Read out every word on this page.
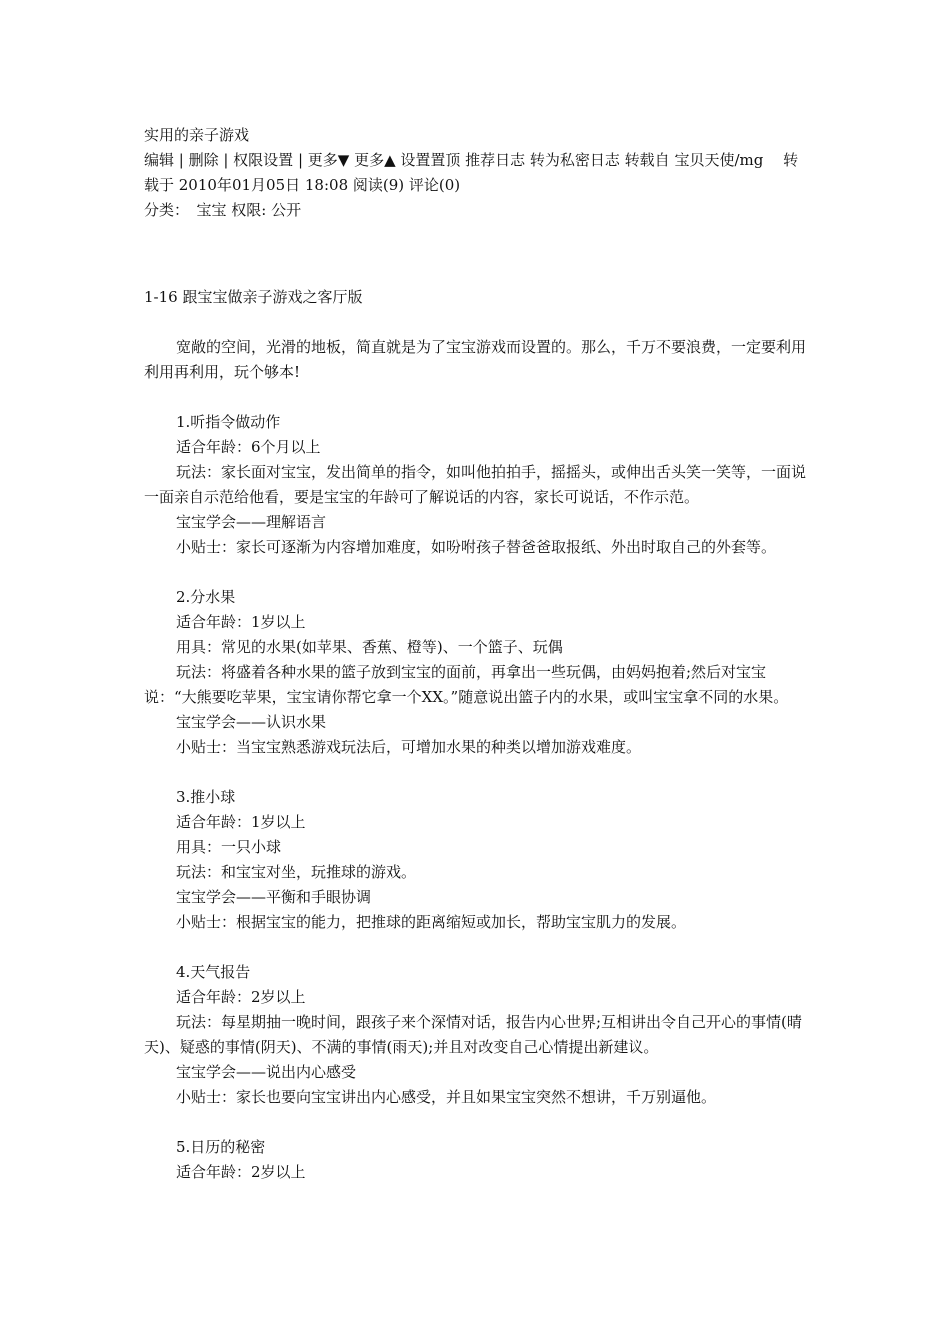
实用的亲子游戏
编辑 | 删除 | 权限设置 | 更多▼ 更多▲ 设置置顶 推荐日志 转为私密日志 转载自 宝贝天使/mg　 转载于 2010年01月05日 18:08 阅读(9) 评论(0)
分类：　宝宝 权限: 公开
1-16 跟宝宝做亲子游戏之客厅版
宽敞的空间，光滑的地板，简直就是为了宝宝游戏而设置的。那么，千万不要浪费，一定要利用利用再利用，玩个够本!
1.听指令做动作
适合年龄：6个月以上
玩法：家长面对宝宝，发出简单的指令，如叫他拍拍手，摇摇头，或伸出舌头笑一笑等，一面说一面亲自示范给他看，要是宝宝的年龄可了解说话的内容，家长可说话，不作示范。
宝宝学会——理解语言
小贴士：家长可逐渐为内容增加难度，如吩咐孩子替爸爸取报纸、外出时取自己的外套等。
2.分水果
适合年龄：1岁以上
用具：常见的水果(如苹果、香蕉、橙等)、一个篮子、玩偶
玩法：将盛着各种水果的篮子放到宝宝的面前，再拿出一些玩偶，由妈妈抱着;然后对宝宝说：“大熊要吃苹果，宝宝请你帮它拿一个XX。”随意说出篮子内的水果，或叫宝宝拿不同的水果。
宝宝学会——认识水果
小贴士：当宝宝熟悉游戏玩法后，可增加水果的种类以增加游戏难度。
3.推小球
适合年龄：1岁以上
用具：一只小球
玩法：和宝宝对坐，玩推球的游戏。
宝宝学会——平衡和手眼协调
小贴士：根据宝宝的能力，把推球的距离缩短或加长，帮助宝宝肌力的发展。
4.天气报告
适合年龄：2岁以上
玩法：每星期抽一晚时间，跟孩子来个深情对话，报告内心世界;互相讲出令自己开心的事情(晴天)、疑惑的事情(阴天)、不满的事情(雨天);并且对改变自己心情提出新建议。
宝宝学会——说出内心感受
小贴士：家长也要向宝宝讲出内心感受，并且如果宝宝突然不想讲，千万别逼他。
5.日历的秘密
适合年龄：2岁以上
